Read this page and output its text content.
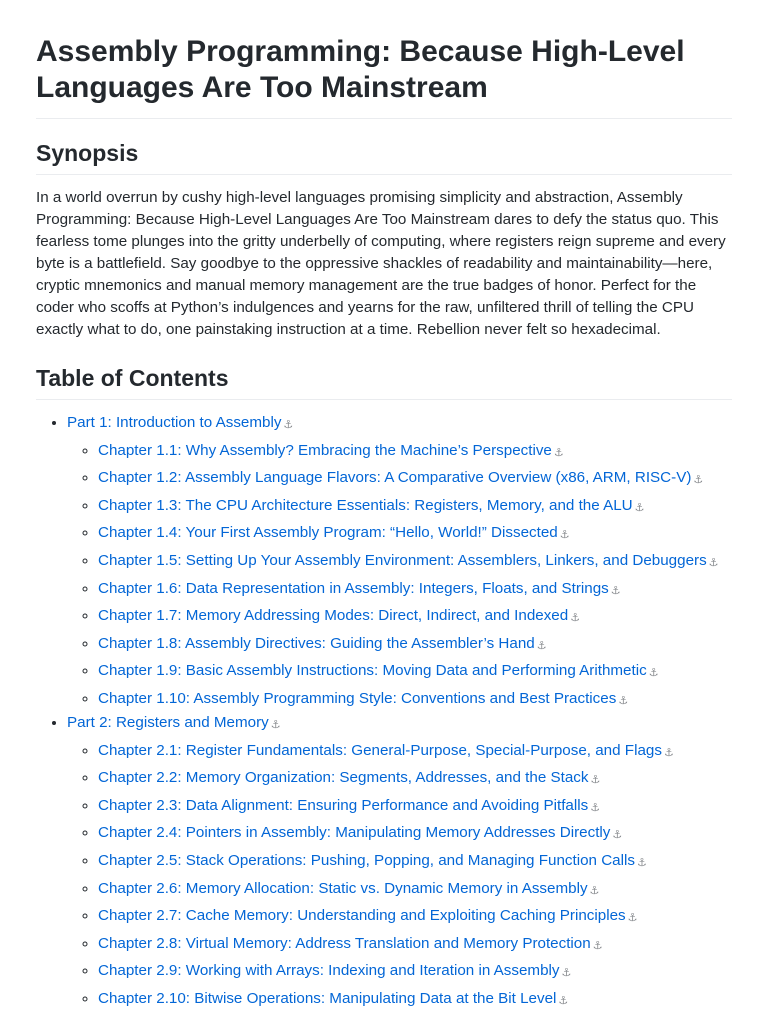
Assembly Programming: Because High-Level Languages Are Too Mainstream
Synopsis

In a world overrun by cushy high-level languages promising simplicity and abstraction, Assembly Programming: Because High-Level Languages Are Too Mainstream dares to defy the status quo. This fearless tome plunges into the gritty underbelly of computing, where registers reign supreme and every byte is a battlefield. Say goodbye to the oppressive shackles of readability and maintainability—here, cryptic mnemonics and manual memory management are the true badges of honor. Perfect for the coder who scoffs at Python’s indulgences and yearns for the raw, unfiltered thrill of telling the CPU exactly what to do, one painstaking instruction at a time. Rebellion never felt so hexadecimal.

Table of Contents
• Part 1: Introduction to Assembly ⚓
◦ Chapter 1.1: Why Assembly? Embracing the Machine’s Perspective ⚓
◦ Chapter 1.2: Assembly Language Flavors: A Comparative Overview (x86, ARM, RISC-V) ⚓
◦ Chapter 1.3: The CPU Architecture Essentials: Registers, Memory, and the ALU ⚓
◦ Chapter 1.4: Your First Assembly Program: “Hello, World!” Dissected ⚓
◦ Chapter 1.5: Setting Up Your Assembly Environment: Assemblers, Linkers, and Debuggers ⚓
◦ Chapter 1.6: Data Representation in Assembly: Integers, Floats, and Strings ⚓
◦ Chapter 1.7: Memory Addressing Modes: Direct, Indirect, and Indexed ⚓
◦ Chapter 1.8: Assembly Directives: Guiding the Assembler’s Hand ⚓
◦ Chapter 1.9: Basic Assembly Instructions: Moving Data and Performing Arithmetic ⚓
◦ Chapter 1.10: Assembly Programming Style: Conventions and Best Practices ⚓
• Part 2: Registers and Memory ⚓
◦ Chapter 2.1: Register Fundamentals: General-Purpose, Special-Purpose, and Flags ⚓
◦ Chapter 2.2: Memory Organization: Segments, Addresses, and the Stack ⚓
◦ Chapter 2.3: Data Alignment: Ensuring Performance and Avoiding Pitfalls ⚓
◦ Chapter 2.4: Pointers in Assembly: Manipulating Memory Addresses Directly ⚓
◦ Chapter 2.5: Stack Operations: Pushing, Popping, and Managing Function Calls ⚓
◦ Chapter 2.6: Memory Allocation: Static vs. Dynamic Memory in Assembly ⚓
◦ Chapter 2.7: Cache Memory: Understanding and Exploiting Caching Principles ⚓
◦ Chapter 2.8: Virtual Memory: Address Translation and Memory Protection ⚓
◦ Chapter 2.9: Working with Arrays: Indexing and Iteration in Assembly ⚓
◦ Chapter 2.10: Bitwise Operations: Manipulating Data at the Bit Level ⚓
